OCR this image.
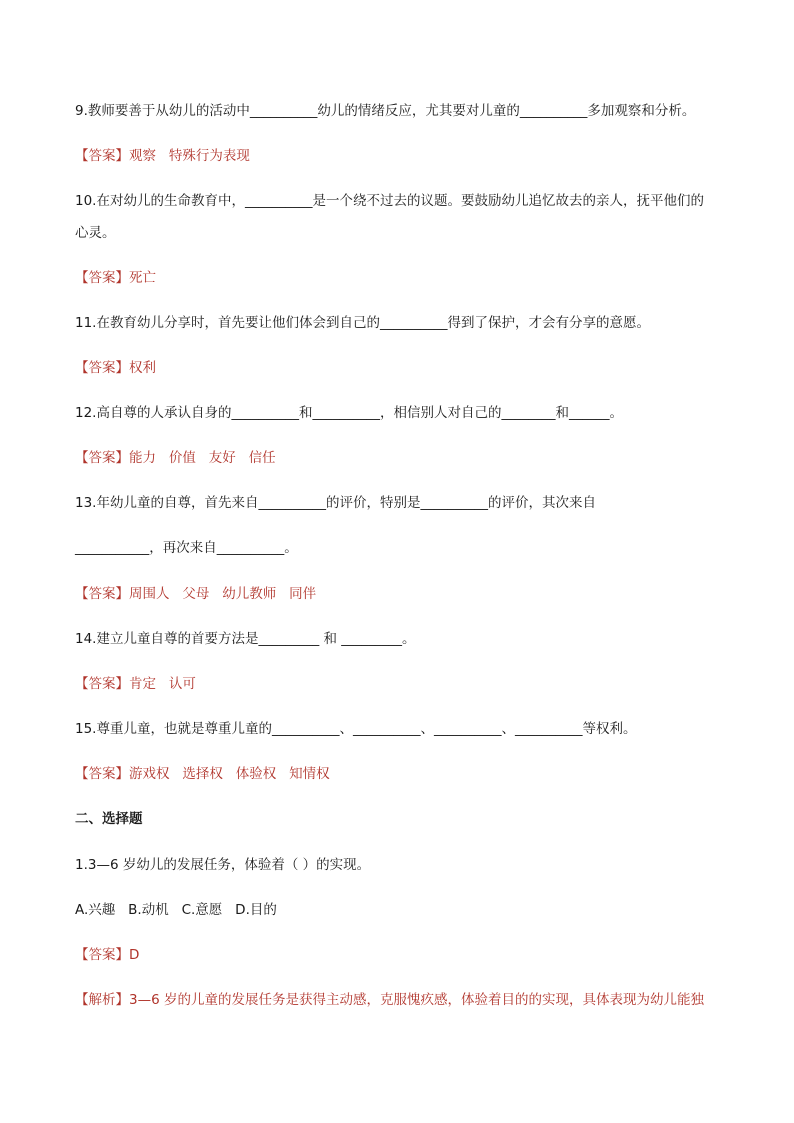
9.教师要善于从幼儿的活动中__________幼儿的情绪反应，尤其要对儿童的__________多加观察和分析。
【答案】观察   特殊行为表现
10.在对幼儿的生命教育中，__________是一个绕不过去的议题。要鼓励幼儿追忆故去的亲人，抚平他们的
心灵。
【答案】死亡
11.在教育幼儿分享时，首先要让他们体会到自己的__________得到了保护，才会有分享的意愿。
【答案】权利
12.高自尊的人承认自身的__________和__________，相信别人对自己的________和______。
【答案】能力   价值   友好   信任
13.年幼儿童的自尊，首先来自__________的评价，特别是__________的评价，其次来自
___________，再次来自__________。
【答案】周围人   父母   幼儿教师   同伴
14.建立儿童自尊的首要方法是_________ 和 _________。
【答案】肯定   认可
15.尊重儿童，也就是尊重儿童的__________、__________、__________、__________等权利。
【答案】游戏权   选择权   体验权   知情权
二、选择题
1.3—6 岁幼儿的发展任务，体验着（ ）的实现。
A.兴趣   B.动机   C.意愿   D.目的
【答案】D
【解析】3—6 岁的儿童的发展任务是获得主动感，克服愧疚感，体验着目的的实现，具体表现为幼儿能独
